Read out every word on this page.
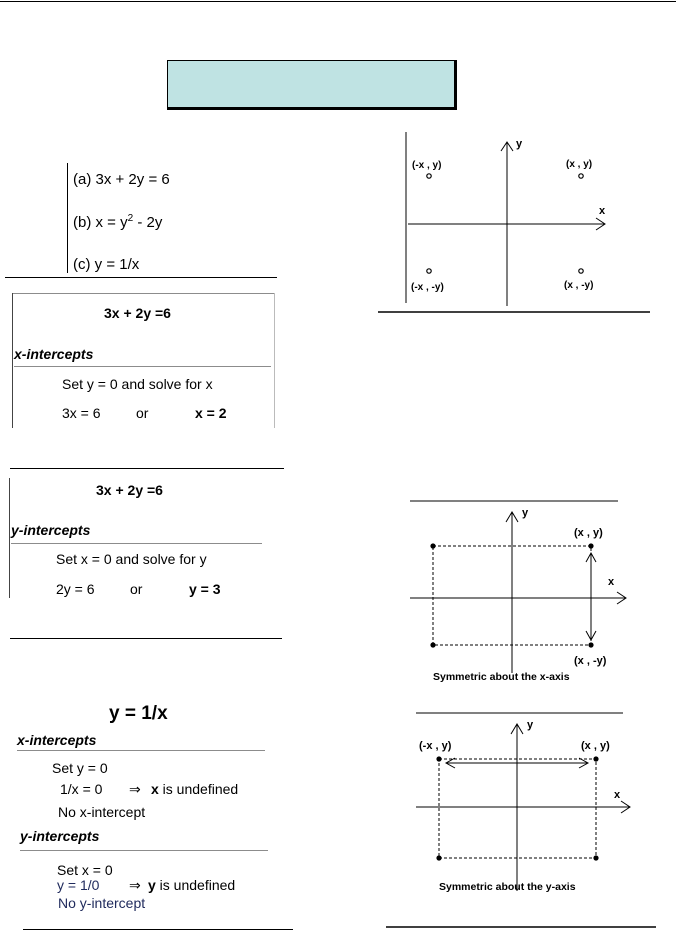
(a) 3x + 2y = 6
(b) $x = y^2 - 2y$
(c) y = 1/x
3x + 2y =6
x-intercepts
Set y = 0 and solve for x
3x = 6	or	x = 2
3x + 2y =6
y-intercepts
Set x = 0 and solve for y
2y = 6	or	y = 3
y = 1/x
x-intercepts
Set y = 0
1/x = 0 ⇒ x is undefined
No x-intercept
y-intercepts
Set x = 0
y = 1/0 ⇒ y is undefined
No y-intercept
y
x
(-x , y)	(x , y)
(-x , -y)	(x , -y)
y
x
(x , y)
(x , -y)
Symmetric about the x-axis
y
x
(-x , y)	(x , y)
Symmetric about the y-axis
